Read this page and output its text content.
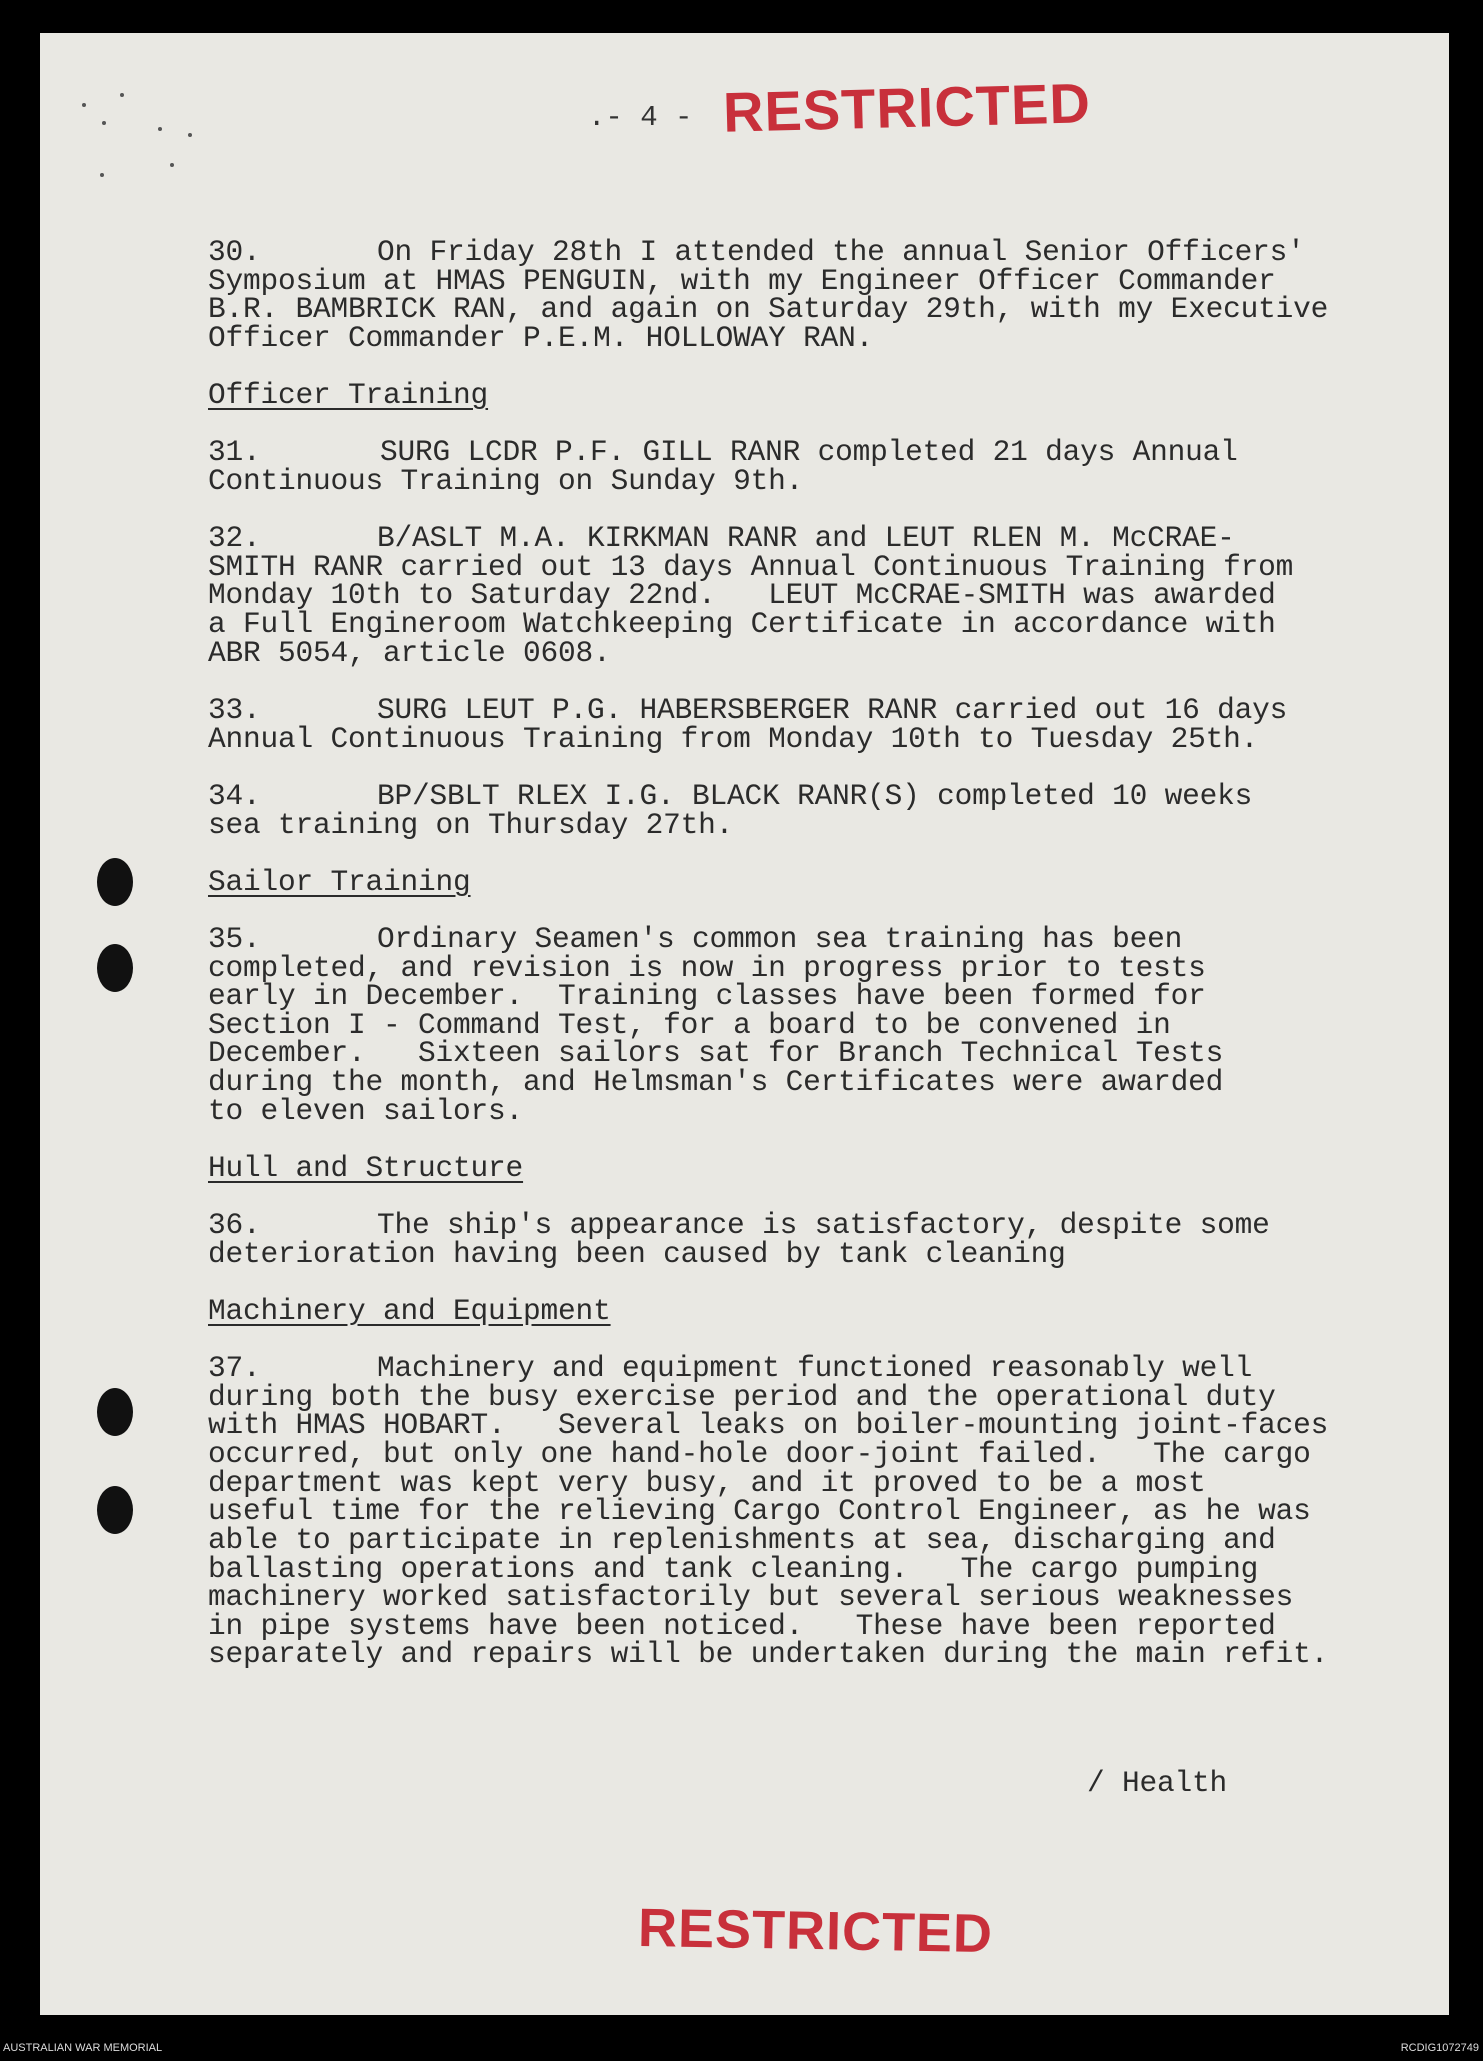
.- 4 - RESTRICTED
30.	On Friday 28th I attended the annual Senior Officers'
Symposium at HMAS PENGUIN, with my Engineer Officer Commander
B.R. BAMBRICK RAN, and again on Saturday 29th, with my Executive
Officer Commander P.E.M. HOLLOWAY RAN.
Officer Training
31.	SURG LCDR P.F. GILL RANR completed 21 days Annual
Continuous Training on Sunday 9th.
32.	B/ASLT M.A. KIRKMAN RANR and LEUT RLEN M. McCRAE-
SMITH RANR carried out 13 days Annual Continuous Training from
Monday 10th to Saturday 22nd.   LEUT McCRAE-SMITH was awarded
a Full Engineroom Watchkeeping Certificate in accordance with
ABR 5054, article 0608.
33.	SURG LEUT P.G. HABERSBERGER RANR carried out 16 days
Annual Continuous Training from Monday 10th to Tuesday 25th.
34.	BP/SBLT RLEX I.G. BLACK RANR(S) completed 10 weeks
sea training on Thursday 27th.
Sailor Training
35.	Ordinary Seamen's common sea training has been
completed, and revision is now in progress prior to tests
early in December.  Training classes have been formed for
Section I - Command Test, for a board to be convened in
December.   Sixteen sailors sat for Branch Technical Tests
during the month, and Helmsman's Certificates were awarded
to eleven sailors.
Hull and Structure
36.	The ship's appearance is satisfactory, despite some
deterioration having been caused by tank cleaning
Machinery and Equipment
37.	Machinery and equipment functioned reasonably well
during both the busy exercise period and the operational duty
with HMAS HOBART.   Several leaks on boiler-mounting joint-faces
occurred, but only one hand-hole door-joint failed.   The cargo
department was kept very busy, and it proved to be a most
useful time for the relieving Cargo Control Engineer, as he was
able to participate in replenishments at sea, discharging and
ballasting operations and tank cleaning.   The cargo pumping
machinery worked satisfactorily but several serious weaknesses
in pipe systems have been noticed.   These have been reported
separately and repairs will be undertaken during the main refit.
/ Health
RESTRICTED
AUSTRALIAN WAR MEMORIAL	RCDIG1072749
